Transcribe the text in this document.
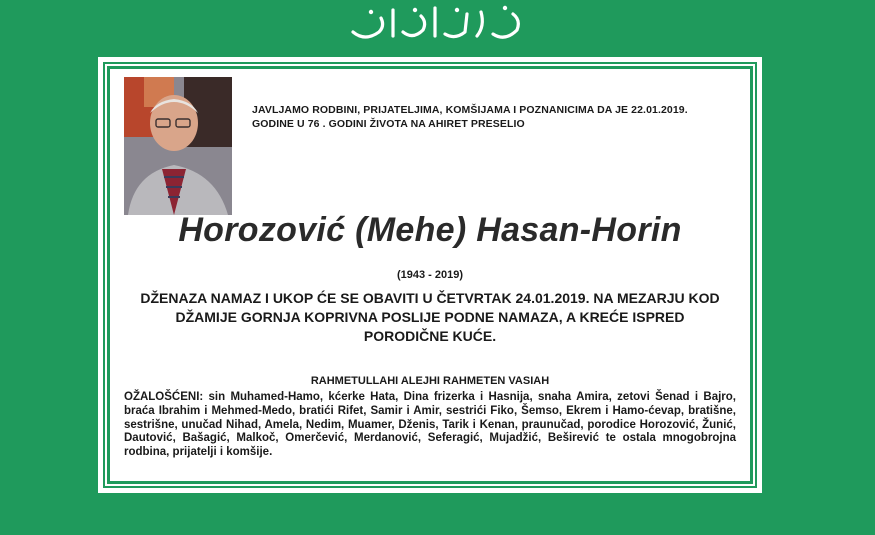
JAVLJAMO RODBINI, PRIJATELJIMA, KOMŠIJAMA I POZNANICIMA DA JE 22.01.2019. GODINE U 76 . GODINI ŽIVOTA NA AHIRET PRESELIO
Horozović (Mehe) Hasan-Horin
(1943 - 2019)
DŽENAZA NAMAZ I UKOP ĆE SE OBAVITI U ČETVRTAK 24.01.2019. NA MEZARJU KOD DŽAMIJE GORNJA KOPRIVNA POSLIJE PODNE NAMAZA, A KREĆE ISPRED PORODIČNE KUĆE.
RAHMETULLAHI ALEJHI RAHMETEN VASIAH
OŽALOŠĆENI: sin Muhamed-Hamo, kćerke Hata, Dina frizerka i Hasnija, snaha Amira, zetovi Šenad i Bajro, braća Ibrahim i Mehmed-Medo, bratići Rifet, Samir i Amir, sestrići Fiko, Šemso, Ekrem i Hamo-ćevap, bratišne, sestrišne, unučad Nihad, Amela, Nedim, Muamer, Dženis, Tarik i Kenan, praunučad, porodice Horozović, Žunić, Dautović, Bašagić, Malkoč, Omerčević, Merdanović, Seferagić, Mujadžić, Beširević te ostala mnogobrojna rodbina, prijatelji i komšije.
